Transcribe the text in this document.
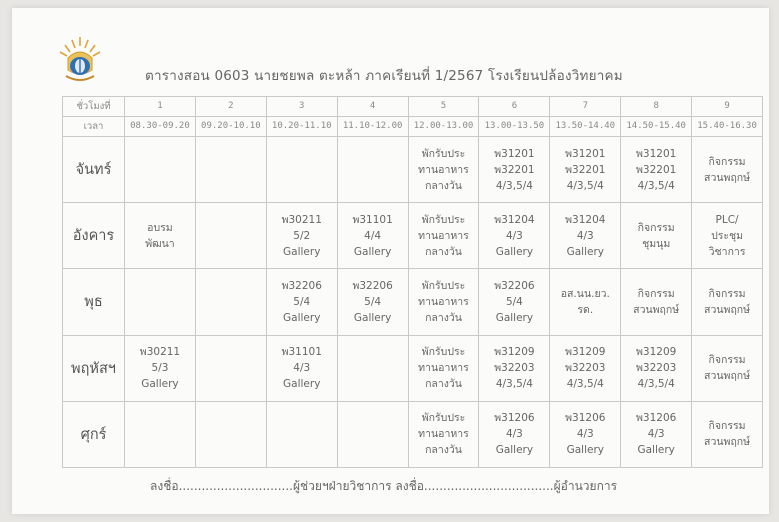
ตารางสอน 0603 นายชยพล ตะหล้า ภาคเรียนที่ 1/2567 โรงเรียนปล้องวิทยาคม
ชั่วโมงที่	1	2	3	4	5	6	7	8	9
เวลา	08.30-09.20	09.20-10.10	10.20-11.10	11.10-12.00	12.00-13.00	13.00-13.50	13.50-14.40	14.50-15.40	15.40-16.30
จันทร์					พักรับประ
ทานอาหาร
กลางวัน	พ31201
พ32201
4/3,5/4	พ31201
พ32201
4/3,5/4	พ31201
พ32201
4/3,5/4	กิจกรรม
สวนพฤกษ์

อังคาร	อบรม
พัฒนา		พ30211
5/2
Gallery	พ31101
4/4
Gallery	พักรับประ
ทานอาหาร
กลางวัน	พ31204
4/3
Gallery	พ31204
4/3
Gallery	กิจกรรม
ชุมนุม	PLC/
ประชุม
วิชาการ

พุธ			พ32206
5/4
Gallery	พ32206
5/4
Gallery	พักรับประ
ทานอาหาร
กลางวัน	พ32206
5/4
Gallery	อส.นน.ยว.
รด.	กิจกรรม
สวนพฤกษ์	กิจกรรม
สวนพฤกษ์

พฤหัสฯ	พ30211
5/3
Gallery		พ31101
4/3
Gallery		พักรับประ
ทานอาหาร
กลางวัน	พ31209
พ32203
4/3,5/4	พ31209
พ32203
4/3,5/4	พ31209
พ32203
4/3,5/4	กิจกรรม
สวนพฤกษ์

ศุกร์					พักรับประ
ทานอาหาร
กลางวัน	พ31206
4/3
Gallery	พ31206
4/3
Gallery	พ31206
4/3
Gallery	กิจกรรม
สวนพฤกษ์
ลงชื่อ..............................ผู้ช่วยฯฝ่ายวิชาการ ลงชื่อ..................................ผู้อำนวยการ
